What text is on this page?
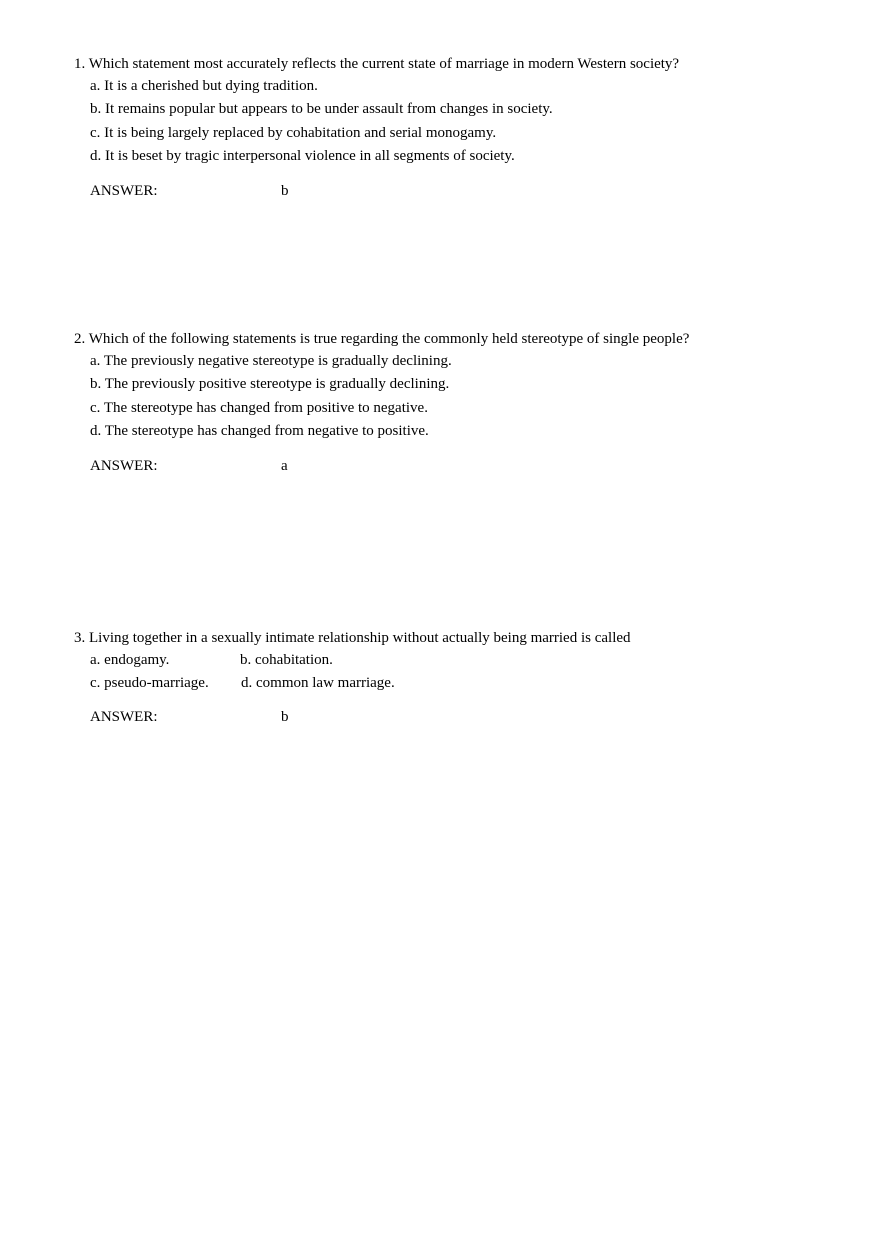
1. Which statement most accurately reflects the current state of marriage in modern Western society?
a. It is a cherished but dying tradition.
b. It remains popular but appears to be under assault from changes in society.
c. It is being largely replaced by cohabitation and serial monogamy.
d. It is beset by tragic interpersonal violence in all segments of society.
ANSWER:	b
2. Which of the following statements is true regarding the commonly held stereotype of single people?
a. The previously negative stereotype is gradually declining.
b. The previously positive stereotype is gradually declining.
c. The stereotype has changed from positive to negative.
d. The stereotype has changed from negative to positive.
ANSWER:	a
3. Living together in a sexually intimate relationship without actually being married is called
a. endogamy.	b. cohabitation.
c. pseudo-marriage. d. common law marriage.
ANSWER:	b
